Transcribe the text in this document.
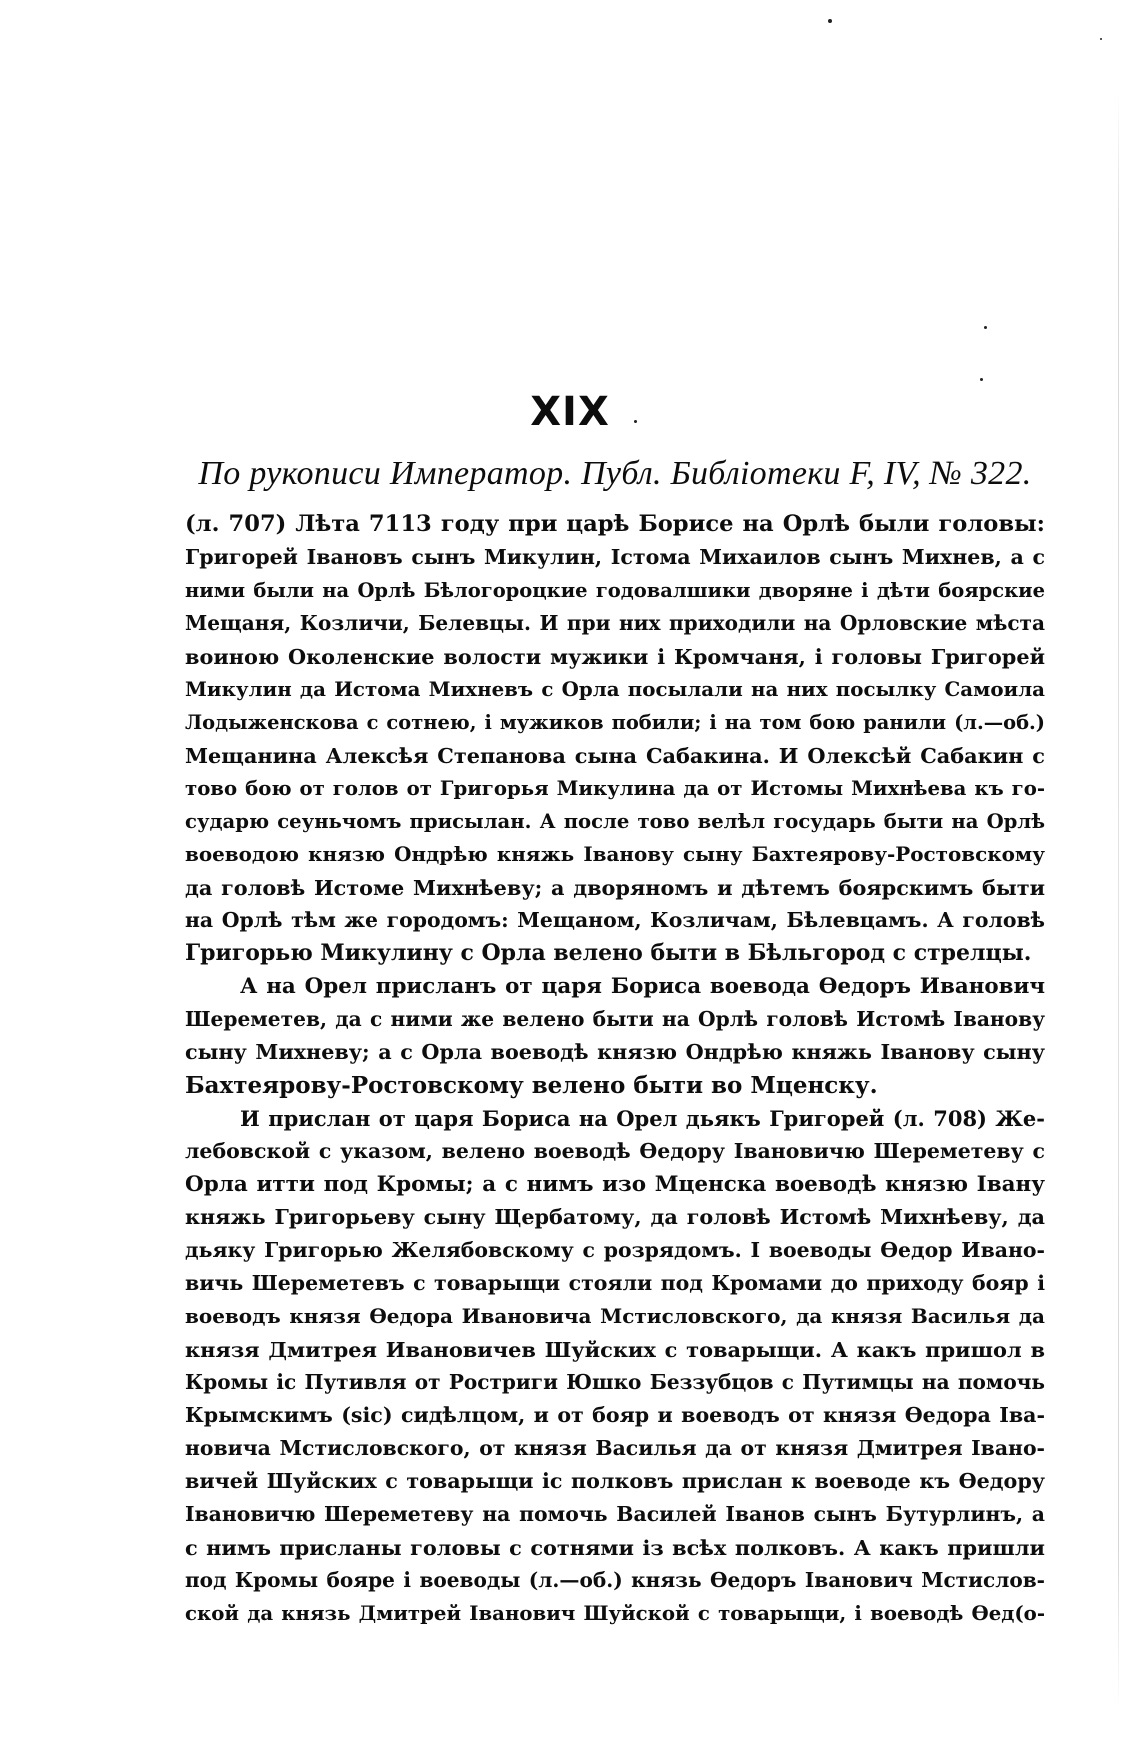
XIX
По рукописи Император. Публ. Библіотеки F, IV, № 322.
(л. 707) Лѣта 7113 году при царѣ Борисе на Орлѣ были головы:
Григорей Івановъ сынъ Микулин, Істома Михаилов сынъ Михнев, а с
ними были на Орлѣ Бѣлогороцкие годовалшики дворяне і дѣти боярские
Мещаня, Козличи, Белевцы. И при них приходили на Орловские мѣста
воиною Околенские волости мужики і Кромчаня, і головы Григорей
Микулин да Истома Михневъ с Орла посылали на них посылку Самоила
Лодыженскова с сотнею, і мужиков побили; і на том бою ранили (л.—об.)
Мещанина Алексѣя Степанова сына Сабакина. И Олексѣй Сабакин с
тово бою от голов от Григорья Микулина да от Истомы Михнѣева къ го-
сударю сеуньчомъ присылан. А после тово велѣл государь быти на Орлѣ
воеводою князю Ондрѣю княжь Іванову сыну Бахтеярову-Ростовскому
да головѣ Истоме Михнѣеву; а дворяномъ и дѣтемъ боярскимъ быти
на Орлѣ тѣм же городомъ: Мещаном, Козличам, Бѣлевцамъ. А головѣ
Григорью Микулину с Орла велено быти в Бѣльгород с стрелцы.
А на Орел присланъ от царя Бориса воевода Ѳедоръ Иванович
Шереметев, да с ними же велено быти на Орлѣ головѣ Истомѣ Іванову
сыну Михневу; а с Орла воеводѣ князю Ондрѣю княжь Іванову сыну
Бахтеярову-Ростовскому велено быти во Мценску.
И прислан от царя Бориса на Орел дьякъ Григорей (л. 708) Же-
лебовской с указом, велено воеводѣ Ѳедору Івановичю Шереметеву с
Орла итти под Кромы; а с нимъ изо Мценска воеводѣ князю Івану
княжь Григорьеву сыну Щербатому, да головѣ Истомѣ Михнѣеву, да
дьяку Григорью Желябовскому с розрядомъ. І воеводы Ѳедор Ивано-
вичь Шереметевъ с товарыщи стояли под Кромами до приходу бояр і
воеводъ князя Ѳедора Ивановича Мстисловского, да князя Василья да
князя Дмитрея Ивановичев Шуйских с товарыщи. А какъ пришол в
Кромы іс Путивля от Ростриги Юшко Беззубцов с Путимцы на помочь
Крымскимъ (sic) сидѣлцом, и от бояр и воеводъ от князя Ѳедора Іва-
новича Мстисловского, от князя Василья да от князя Дмитрея Івано-
вичей Шуйских с товарыщи іс полковъ прислан к воеводе къ Ѳедору
Івановичю Шереметеву на помочь Василей Іванов сынъ Бутурлинъ, а
с нимъ присланы головы с сотнями із всѣх полковъ. А какъ пришли
под Кромы бояре і воеводы (л.—об.) князь Ѳедоръ Іванович Мстислов-
ской да князь Дмитрей Іванович Шуйской с товарыщи, і воеводѣ Ѳед(о-
